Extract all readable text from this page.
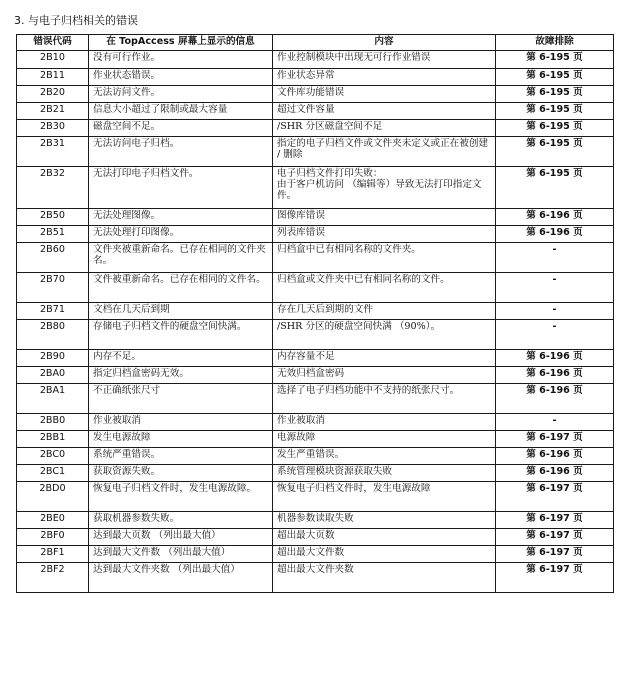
3. 与电子归档相关的错误
错误代码	在 TopAccess 屏幕上显示的信息	内容	故障排除
2B10	没有可行作业。	作业控制模块中出现无可行作业错误	第 6-195 页
2B11	作业状态错误。	作业状态异常	第 6-195 页
2B20	无法访问文件。	文件库功能错误	第 6-195 页
2B21	信息大小超过了限制或最大容量	超过文件容量	第 6-195 页
2B30	磁盘空间不足。	/SHR 分区磁盘空间不足	第 6-195 页
2B31	无法访问电子归档。	指定的电子归档文件或文件夹未定义或正在被创建 / 删除	第 6-195 页
2B32	无法打印电子归档文件。	电子归档文件打印失败：
由于客户机访问 （编辑等）导致无法打印指定文件。	第 6-195 页
2B50	无法处理图像。	图像库错误	第 6-196 页
2B51	无法处理打印图像。	列表库错误	第 6-196 页
2B60	文件夹被重新命名。已存在相同的文件夹名。	归档盒中已有相同名称的文件夹。	-
2B70	文件被重新命名。已存在相同的文件名。	归档盒或文件夹中已有相同名称的文件。	-
2B71	文档在几天后到期	存在几天后到期的文件	-
2B80	存储电子归档文件的硬盘空间快满。	/SHR 分区的硬盘空间快满 （90%）。	-
2B90	内存不足。	内存容量不足	第 6-196 页
2BA0	指定归档盒密码无效。	无效归档盒密码	第 6-196 页
2BA1	不正确纸张尺寸	选择了电子归档功能中不支持的纸张尺寸。	第 6-196 页
2BB0	作业被取消	作业被取消	-
2BB1	发生电源故障	电源故障	第 6-197 页
2BC0	系统严重错误。	发生严重错误。	第 6-196 页
2BC1	获取资源失败。	系统管理模块资源获取失败	第 6-196 页
2BD0	恢复电子归档文件时，发生电源故障。	恢复电子归档文件时，发生电源故障	第 6-197 页
2BE0	获取机器参数失败。	机器参数读取失败	第 6-197 页
2BF0	达到最大页数 （列出最大值）	超出最大页数	第 6-197 页
2BF1	达到最大文件数 （列出最大值）	超出最大文件数	第 6-197 页
2BF2	达到最大文件夹数 （列出最大值）	超出最大文件夹数	第 6-197 页
